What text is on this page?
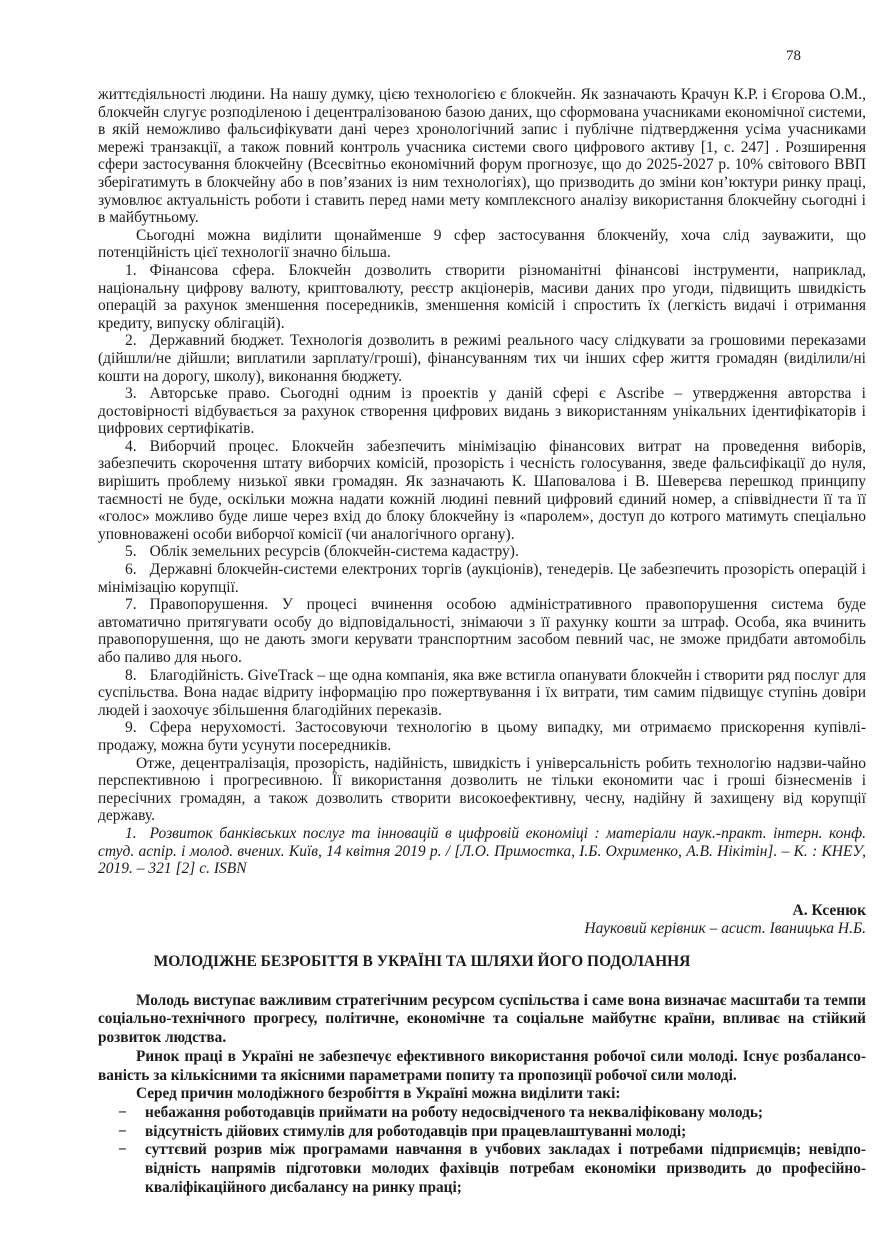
78

життєдіяльності людини. На нашу думку, цією технологією є блокчейн. Як зазначають Крачун К.Р. і Єгорова О.М., блокчейн слугує розподіленою і децентралізованою базою даних, що сформована учасниками економічної системи, в якій неможливо фальсифікувати дані через хронологічний запис і публічне підтвердження усіма учасниками мережі транзакції, а також повний контроль учасника системи свого цифрового активу [1, с. 247] . Розширення сфери застосування блокчейну (Всесвітньо економічний форум прогнозує, що до 2025-2027 р. 10% світового ВВП зберігатимуть в блокчейну або в пов’язаних із ним технологіях), що призводить до зміни кон’юктури ринку праці, зумовлює актуальність роботи і ставить перед нами мету комплексного аналізу використання блокчейну сьогодні і в майбутньому.

Сьогодні можна виділити щонайменше 9 сфер застосування блокченйу, хоча слід зауважити, що потенційність цієї технології значно більша.

1. Фінансова сфера. Блокчейн дозволить створити різноманітні фінансові інструменти, наприклад, національну цифрову валюту, криптовалюту, реєстр акціонерів, масиви даних про угоди, підвищить швидкість операцій за рахунок зменшення посередників, зменшення комісій і спростить їх (легкість видачі і отримання кредиту, випуску облігацій).

2. Державний бюджет. Технологія дозволить в режимі реального часу слідкувати за грошовими переказами (дійшли/не дійшли; виплатили зарплату/гроші), фінансуванням тих чи інших сфер життя громадян (виділили/ні кошти на дорогу, школу), виконання бюджету.

3. Авторське право. Сьогодні одним із проектів у даній сфері є Ascribe – утвердження авторства і достовірності відбувається за рахунок створення цифрових видань з використанням унікальних ідентифікаторів і цифрових сертифікатів.

4. Виборчий процес. Блокчейн забезпечить мінімізацію фінансових витрат на проведення виборів, забезпечить скорочення штату виборчих комісій, прозорість і чесність голосування, зведе фальсифікації до нуля, вирішить проблему низької явки громадян. Як зазначають К. Шаповалова і В. Шеверєва перешкод принципу таємності не буде, оскільки можна надати кожній людині певний цифровий єдиний номер, а співвіднести її та її «голос» можливо буде лише через вхід до блоку блокчейну із «паролем», доступ до котрого матимуть спеціально уповноважені особи виборчої комісії (чи аналогічного органу).

5. Облік земельних ресурсів (блокчейн-система кадастру).

6. Державні блокчейн-системи електроних торгів (аукціонів), тенедерів. Це забезпечить прозорість операцій і мінімізацію корупції.

7. Правопорушення. У процесі вчинення особою адміністративного правопорушення система буде автоматично притягувати особу до відповідальності, знімаючи з її рахунку кошти за штраф. Особа, яка вчинить правопорушення, що не дають змоги керувати транспортним засобом певний час, не зможе придбати автомобіль або паливо для нього.

8. Благодійність. GiveTrack – ще одна компанія, яка вже встигла опанувати блокчейн і створити ряд послуг для суспільства. Вона надає відриту інформацію про пожертвування і їх витрати, тим самим підвищує ступінь довіри людей і заохочує збільшення благодійних переказів.

9. Сфера нерухомості. Застосовуючи технологію в цьому випадку, ми отримаємо прискорення купівлі-продажу, можна бути усунути посередників.

Отже, децентралізація, прозорість, надійність, швидкість і універсальність робить технологію надзви-чайно перспективною і прогресивною. Її використання дозволить не тільки економити час і гроші бізнесменів і пересічних громадян, а також дозволить створити високоефективну, чесну, надійну й захищену від корупції державу.

1. Розвиток банківських послуг та інновацій в цифровій економіці : матеріали наук.-практ. інтерн. конф. студ. аспір. і молод. вчених. Київ, 14 квітня 2019 р. / [Л.О. Примостка, І.Б. Охрименко, А.В. Нікітін]. – К. : КНЕУ, 2019. – 321 [2] с. ISBN

А. Ксенюк
Науковий керівник – асист. Іваницька Н.Б.
МОЛОДІЖНЕ БЕЗРОБІТТЯ В УКРАЇНІ ТА ШЛЯХИ ЙОГО ПОДОЛАННЯ

Молодь виступає важливим стратегічним ресурсом суспільства і саме вона визначає масштаби та темпи соціально-технічного прогресу, політичне, економічне та соціальне майбутнє країни, впливає на стійкий розвиток людства.

Ринок праці в Україні не забезпечує ефективного використання робочої сили молоді. Існує розбалансо-ваність за кількісними та якісними параметрами попиту та пропозиції робочої сили молоді.

Серед причин молодіжного безробіття в Україні можна виділити такі:

− небажання роботодавців приймати на роботу недосвідченого та некваліфіковану молодь;

− відсутність дійових стимулів для роботодавців при працевлаштуванні молоді;

− суттєвий розрив між програмами навчання в учбових закладах і потребами підприємців; невідпо-відність напрямів підготовки молодих фахівців потребам економіки призводить до професійно-кваліфікаційного дисбалансу на ринку праці;
